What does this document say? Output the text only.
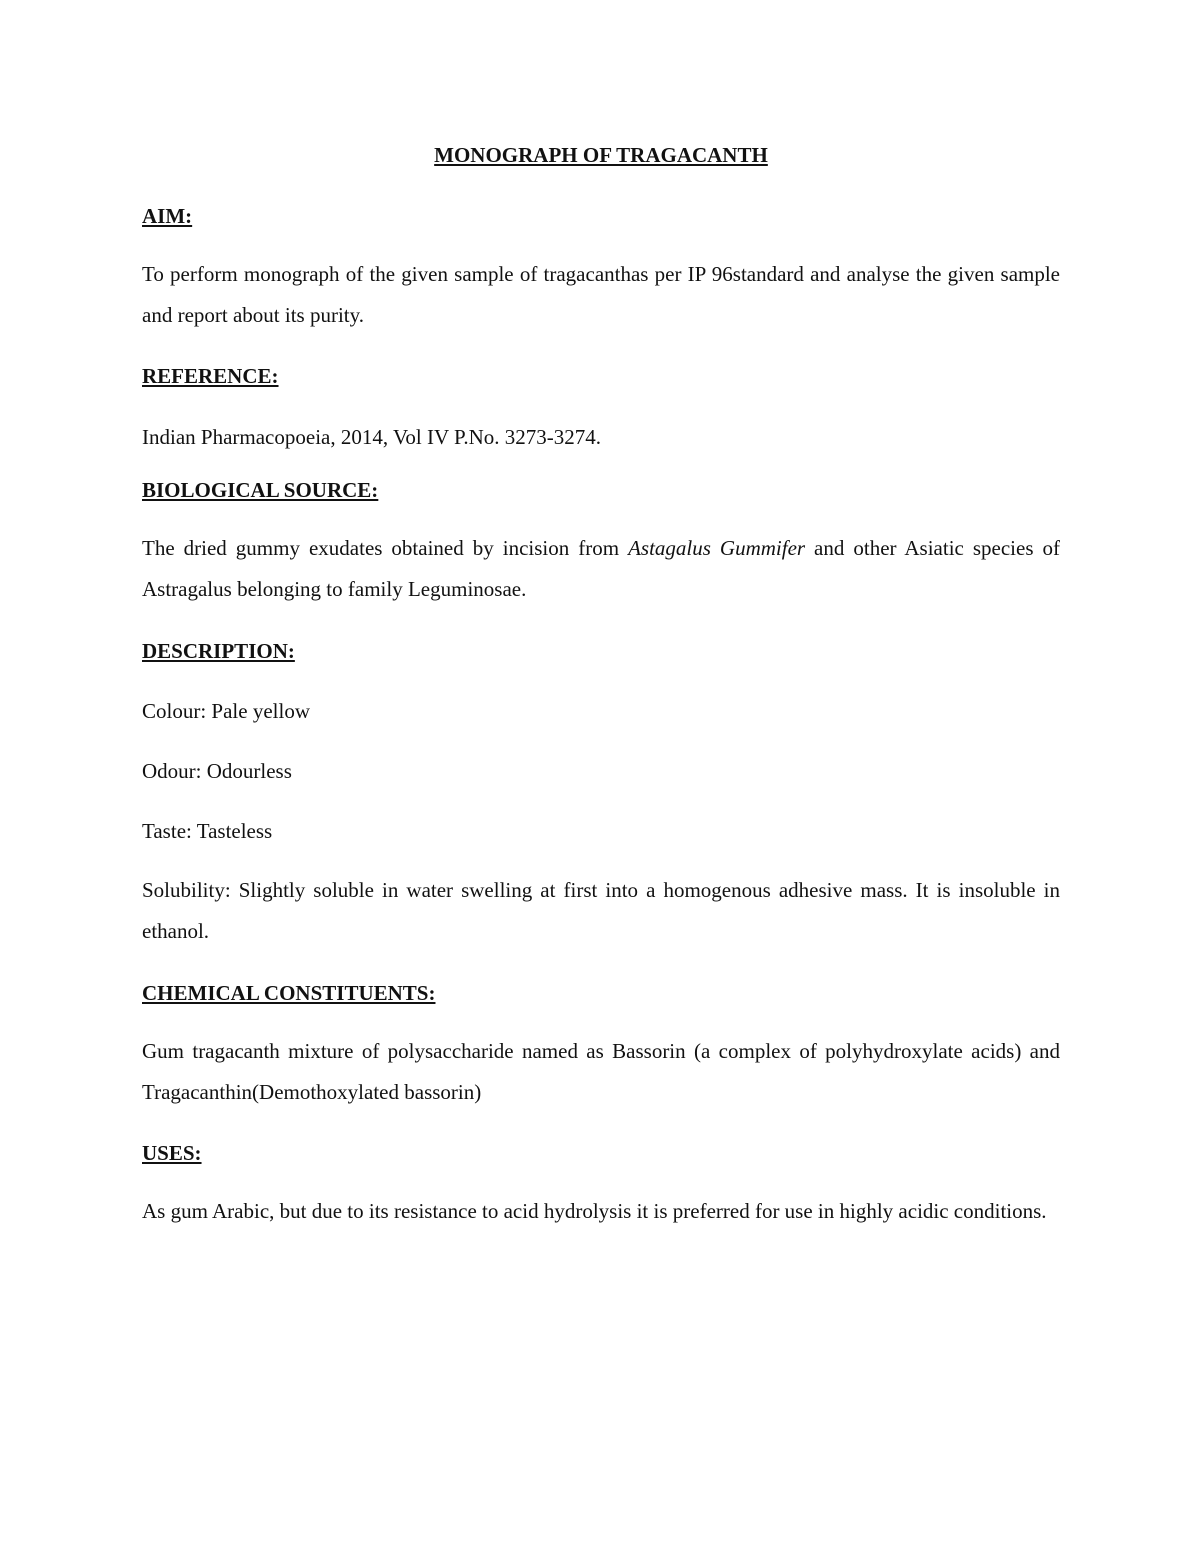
MONOGRAPH OF TRAGACANTH
AIM:

To perform monograph of the given sample of tragacanthas per IP 96standard and analyse the given sample and report about its purity.

REFERENCE:

Indian Pharmacopoeia, 2014, Vol IV P.No. 3273-3274.

BIOLOGICAL SOURCE:

The dried gummy exudates obtained by incision from Astagalus Gummifer and other Asiatic species of Astragalus belonging to family Leguminosae.

DESCRIPTION:

Colour: Pale yellow

Odour: Odourless

Taste: Tasteless

Solubility: Slightly soluble in water swelling at first into a homogenous adhesive mass. It is insoluble in ethanol.

CHEMICAL CONSTITUENTS:

Gum tragacanth mixture of polysaccharide named as Bassorin (a complex of polyhydroxylate acids) and Tragacanthin(Demothoxylated bassorin)

USES:

As gum Arabic, but due to its resistance to acid hydrolysis it is preferred for use in highly acidic conditions.
